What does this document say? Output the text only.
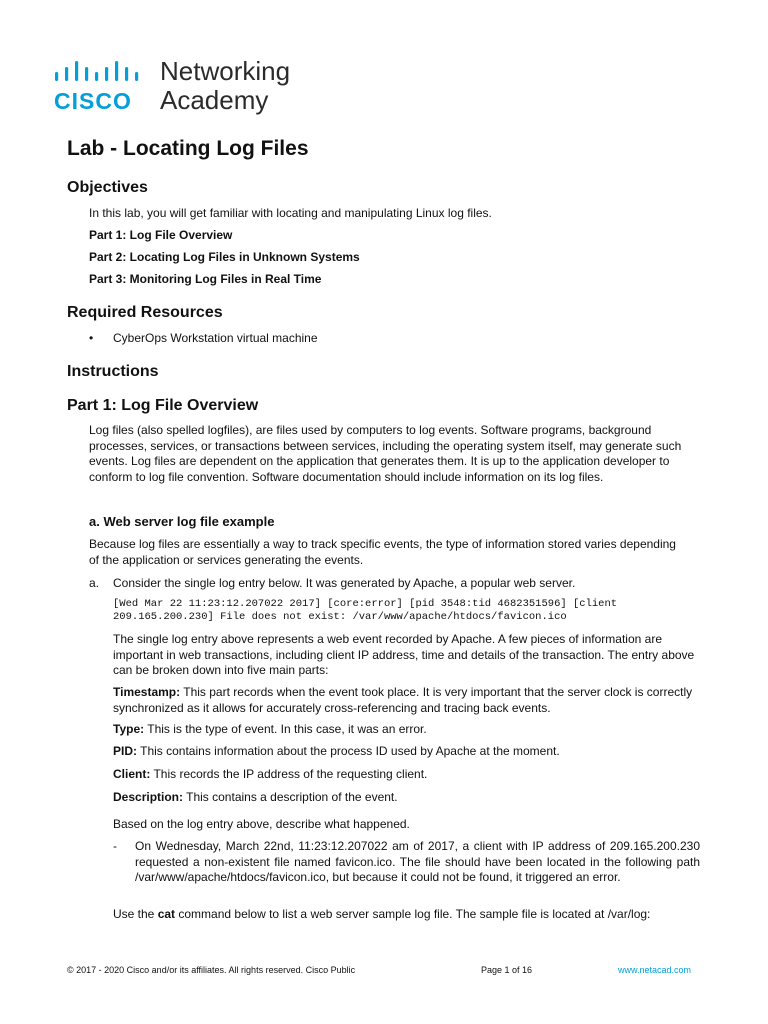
CISCO
Networking
Academy
Lab - Locating Log Files
Objectives

In this lab, you will get familiar with locating and manipulating Linux log files.

Part 1: Log File Overview

Part 2: Locating Log Files in Unknown Systems

Part 3: Monitoring Log Files in Real Time

Required Resources
• CyberOps Workstation virtual machine

Instructions
Part 1: Log File Overview

Log files (also spelled logfiles), are files used by computers to log events. Software programs, background processes, services, or transactions between services, including the operating system itself, may generate such events. Log files are dependent on the application that generates them. It is up to the application developer to conform to log file convention. Software documentation should include information on its log files.

a. Web server log file example

Because log files are essentially a way to track specific events, the type of information stored varies depending of the application or services generating the events.

a. Consider the single log entry below. It was generated by Apache, a popular web server.

[Wed Mar 22 11:23:12.207022 2017] [core:error] [pid 3548:tid 4682351596] [client
209.165.200.230] File does not exist: /var/www/apache/htdocs/favicon.ico

The single log entry above represents a web event recorded by Apache. A few pieces of information are important in web transactions, including client IP address, time and details of the transaction. The entry above can be broken down into five main parts:

Timestamp: This part records when the event took place. It is very important that the server clock is correctly synchronized as it allows for accurately cross-referencing and tracing back events.

Type: This is the type of event. In this case, it was an error.

PID: This contains information about the process ID used by Apache at the moment.

Client: This records the IP address of the requesting client.

Description: This contains a description of the event.

Based on the log entry above, describe what happened.

- On Wednesday, March 22nd, 11:23:12.207022 am of 2017, a client with IP address of 209.165.200.230 requested a non-existent file named favicon.ico. The file should have been located in the following path /var/www/apache/htdocs/favicon.ico, but because it could not be found, it triggered an error.

Use the cat command below to list a web server sample log file. The sample file is located at /var/log:

© 2017 - 2020 Cisco and/or its affiliates. All rights reserved. Cisco Public	Page 1 of 16	www.netacad.com
